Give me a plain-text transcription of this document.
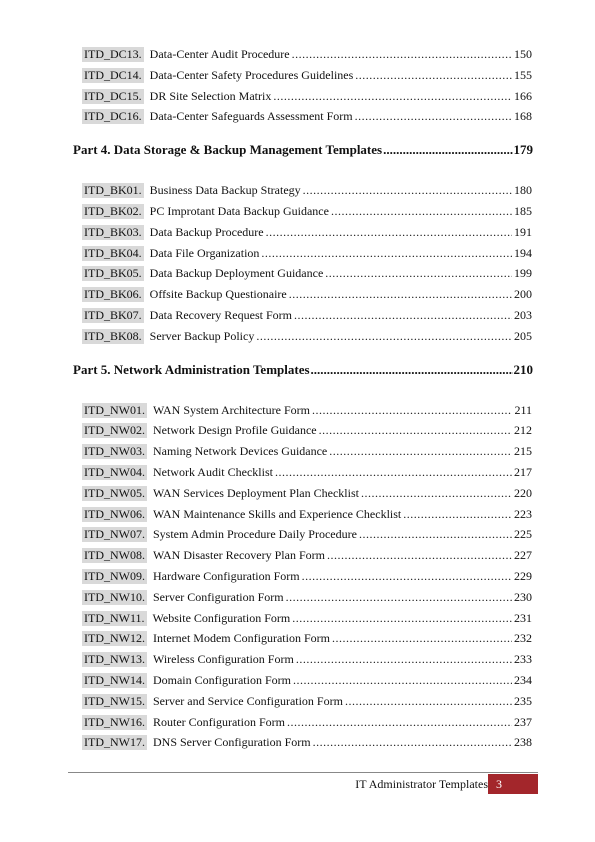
ITD_DC13. Data-Center Audit Procedure .....	150
ITD_DC14. Data-Center Safety Procedures Guidelines .....	155
ITD_DC15. DR Site Selection Matrix .....	166
ITD_DC16. Data-Center Safeguards Assessment Form .....	168
Part 4. Data Storage & Backup Management Templates .....	179
ITD_BK01. Business Data Backup Strategy .....	180
ITD_BK02. PC Improtant Data Backup Guidance .....	185
ITD_BK03. Data Backup Procedure .....	191
ITD_BK04. Data File Organization .....	194
ITD_BK05. Data Backup Deployment Guidance .....	199
ITD_BK06. Offsite Backup Questionaire .....	200
ITD_BK07. Data Recovery Request Form .....	203
ITD_BK08. Server Backup Policy .....	205
Part 5. Network Administration Templates .....	210
ITD_NW01. WAN System Architecture Form .....	211
ITD_NW02. Network Design Profile Guidance .....	212
ITD_NW03. Naming Network Devices Guidance .....	215
ITD_NW04. Network Audit Checklist .....	217
ITD_NW05. WAN Services Deployment Plan Checklist .....	220
ITD_NW06. WAN Maintenance Skills and Experience Checklist .....	223
ITD_NW07. System Admin Procedure Daily Procedure .....	225
ITD_NW08. WAN Disaster Recovery Plan Form .....	227
ITD_NW09. Hardware Configuration Form .....	229
ITD_NW10. Server Configuration Form .....	230
ITD_NW11. Website Configuration Form .....	231
ITD_NW12. Internet Modem Configuration Form .....	232
ITD_NW13. Wireless Configuration Form .....	233
ITD_NW14. Domain Configuration Form .....	234
ITD_NW15. Server and Service Configuration Form .....	235
ITD_NW16. Router Configuration Form .....	237
ITD_NW17. DNS Server Configuration Form .....	238
IT Administrator Templates 3
